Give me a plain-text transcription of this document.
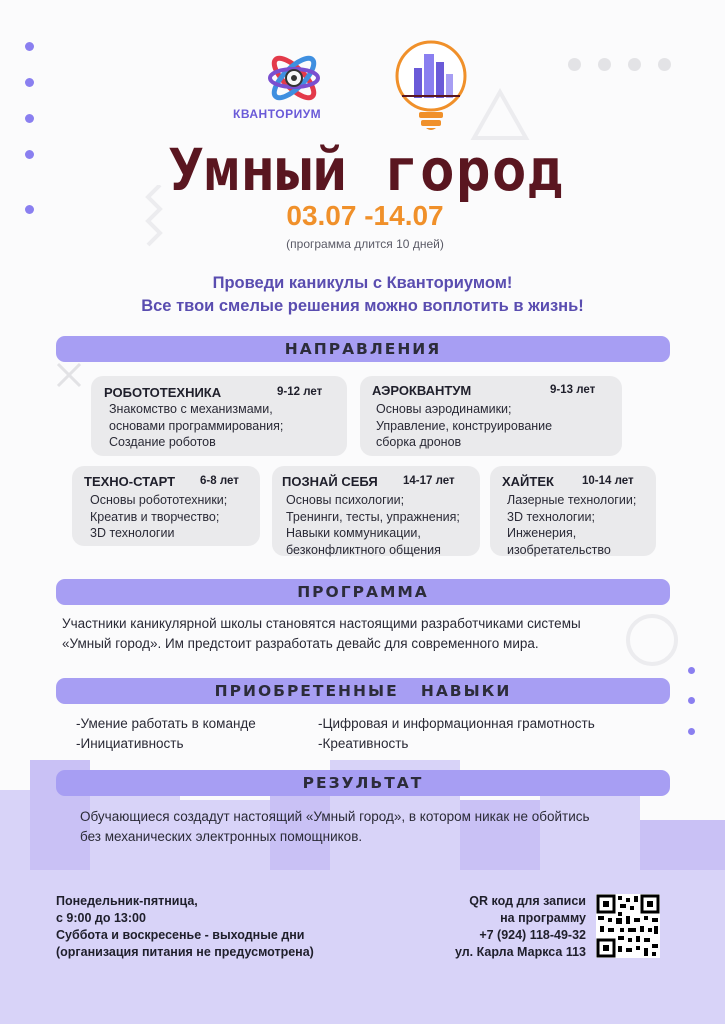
КВАНТОРИУМ
Умный город
03.07 -14.07
(программа длится 10 дней)
Проведи каникулы с Кванториумом!
Все твои смелые решения можно воплотить в жизнь!
НАПРАВЛЕНИЯ
РОБОТОТЕХНИКА	9-12 лет
Знакомство с механизмами,
основами программирования;
Создание роботов
АЭРОКВАНТУМ	9-13 лет
Основы аэродинамики;
Управление, конструирование
сборка дронов
ТЕХНО-СТАРТ 6-8 лет
Основы робототехники;
Креатив и творчество;
3D технологии
ПОЗНАЙ СЕБЯ 14-17 лет
Основы психологии;
Тренинги, тесты, упражнения;
Навыки коммуникации,
безконфликтного общения
ХАЙТЕК 10-14 лет
Лазерные технологии;
3D технологии;
Инженерия,
изобретательство
ПРОГРАММА
Участники каникулярной школы становятся настоящими разработчиками системы
«Умный город». Им предстоит разработать девайс для современного мира.
ПРИОБРЕТЕННЫЕ   НАВЫКИ
-Умение работать в команде
-Инициативность
-Цифровая и информационная грамотность
-Креативность
РЕЗУЛЬТАТ
Обучающиеся создадут настоящий «Умный город», в котором никак не обойтись
без механических электронных помощников.
Понедельник-пятница,
с 9:00 до 13:00
Суббота и воскресенье - выходные дни
(организация питания не предусмотрена)
QR код для записи
на программу
+7 (924) 118-49-32
ул. Карла Маркса 113
